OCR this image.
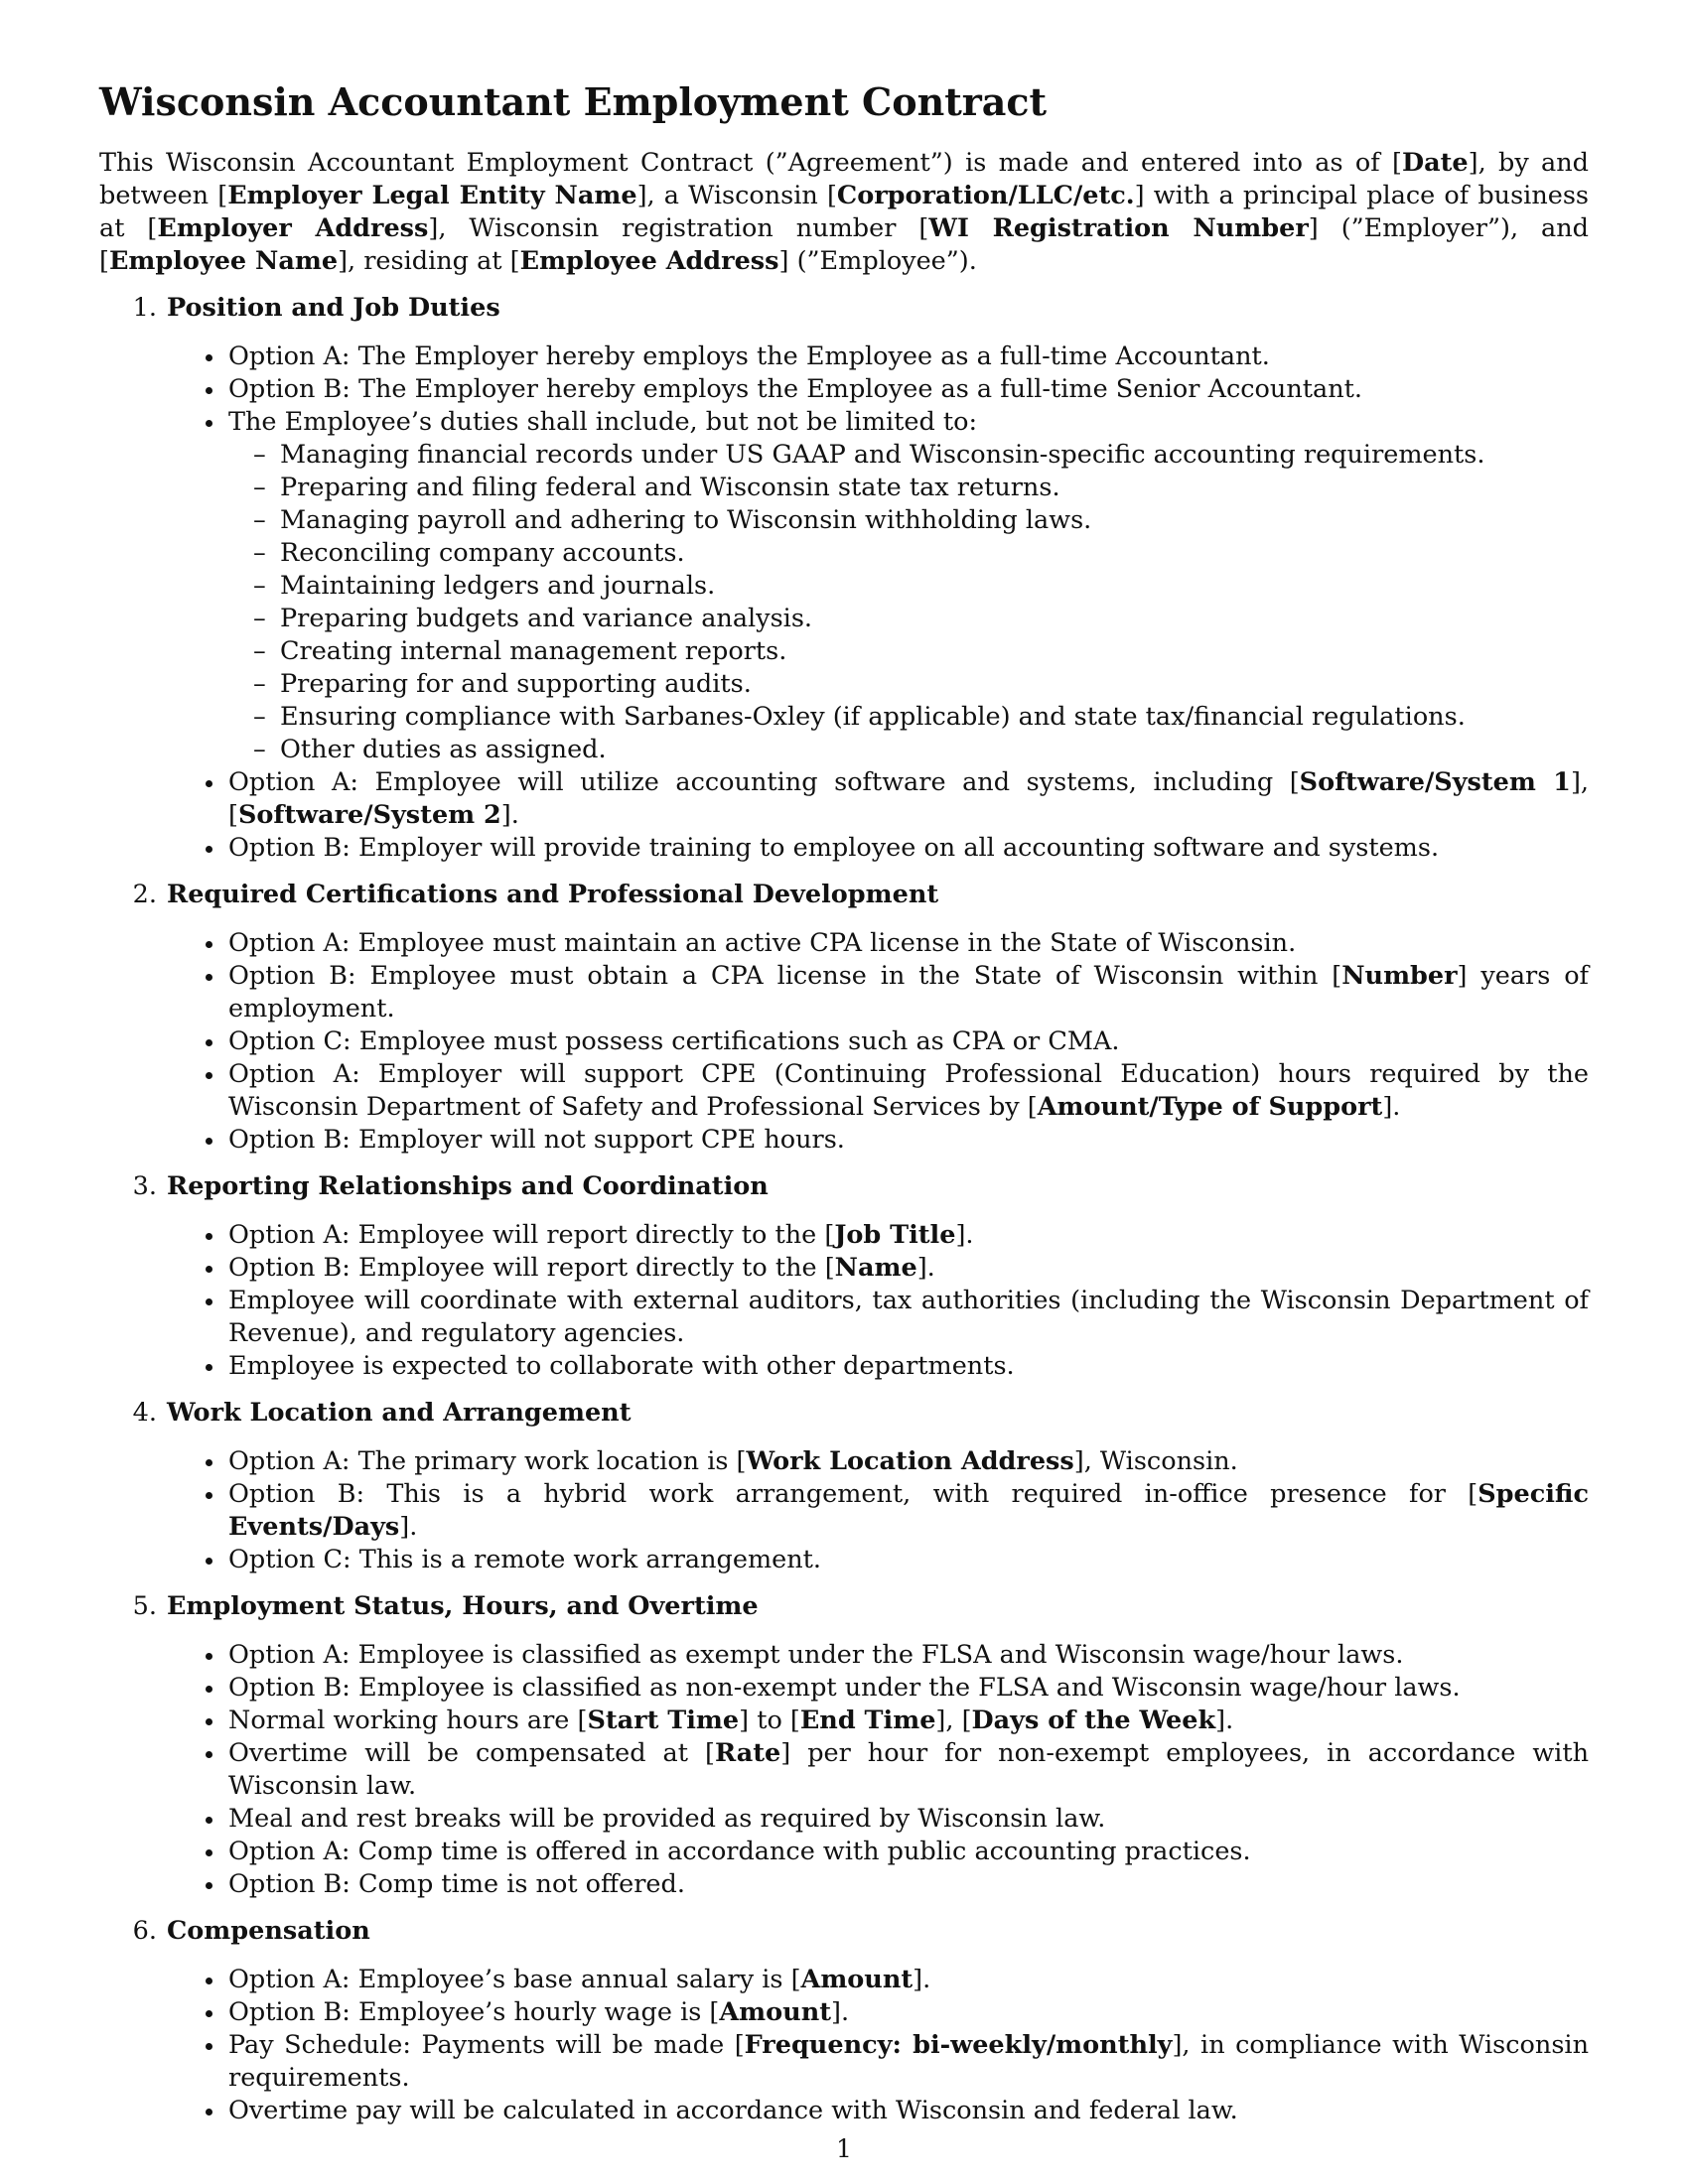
Wisconsin Accountant Employment Contract

This Wisconsin Accountant Employment Contract (”Agreement”) is made and entered into as of [Date], by and between [Employer Legal Entity Name], a Wisconsin [Corporation/LLC/etc.] with a principal place of business at [Employer Address], Wisconsin registration number [WI Registration Number] (”Employer”), and [Employee Name], residing at [Employee Address] (”Employee”).

1. Position and Job Duties
Option A: The Employer hereby employs the Employee as a full-time Accountant.
Option B: The Employer hereby employs the Employee as a full-time Senior Accountant.
The Employee’s duties shall include, but not be limited to:
– Managing financial records under US GAAP and Wisconsin-specific accounting requirements.
– Preparing and filing federal and Wisconsin state tax returns.
– Managing payroll and adhering to Wisconsin withholding laws.
– Reconciling company accounts.
– Maintaining ledgers and journals.
– Preparing budgets and variance analysis.
– Creating internal management reports.
– Preparing for and supporting audits.
– Ensuring compliance with Sarbanes-Oxley (if applicable) and state tax/financial regulations.
– Other duties as assigned.
Option A: Employee will utilize accounting software and systems, including [Software/System 1], [Software/System 2].
Option B: Employer will provide training to employee on all accounting software and systems.
2. Required Certifications and Professional Development
Option A: Employee must maintain an active CPA license in the State of Wisconsin.
Option B: Employee must obtain a CPA license in the State of Wisconsin within [Number] years of employment.
Option C: Employee must possess certifications such as CPA or CMA.
Option A: Employer will support CPE (Continuing Professional Education) hours required by the Wisconsin Department of Safety and Professional Services by [Amount/Type of Support].
Option B: Employer will not support CPE hours.
3. Reporting Relationships and Coordination
Option A: Employee will report directly to the [Job Title].
Option B: Employee will report directly to the [Name].
Employee will coordinate with external auditors, tax authorities (including the Wisconsin Department of Revenue), and regulatory agencies.
Employee is expected to collaborate with other departments.
4. Work Location and Arrangement
Option A: The primary work location is [Work Location Address], Wisconsin.
Option B: This is a hybrid work arrangement, with required in-office presence for [Specific Events/Days].
Option C: This is a remote work arrangement.
5. Employment Status, Hours, and Overtime
Option A: Employee is classified as exempt under the FLSA and Wisconsin wage/hour laws.
Option B: Employee is classified as non-exempt under the FLSA and Wisconsin wage/hour laws.
Normal working hours are [Start Time] to [End Time], [Days of the Week].
Overtime will be compensated at [Rate] per hour for non-exempt employees, in accordance with Wisconsin law.
Meal and rest breaks will be provided as required by Wisconsin law.
Option A: Comp time is offered in accordance with public accounting practices.
Option B: Comp time is not offered.
6. Compensation
Option A: Employee’s base annual salary is [Amount].
Option B: Employee’s hourly wage is [Amount].
Pay Schedule: Payments will be made [Frequency: bi-weekly/monthly], in compliance with Wisconsin requirements.
Overtime pay will be calculated in accordance with Wisconsin and federal law.
1
